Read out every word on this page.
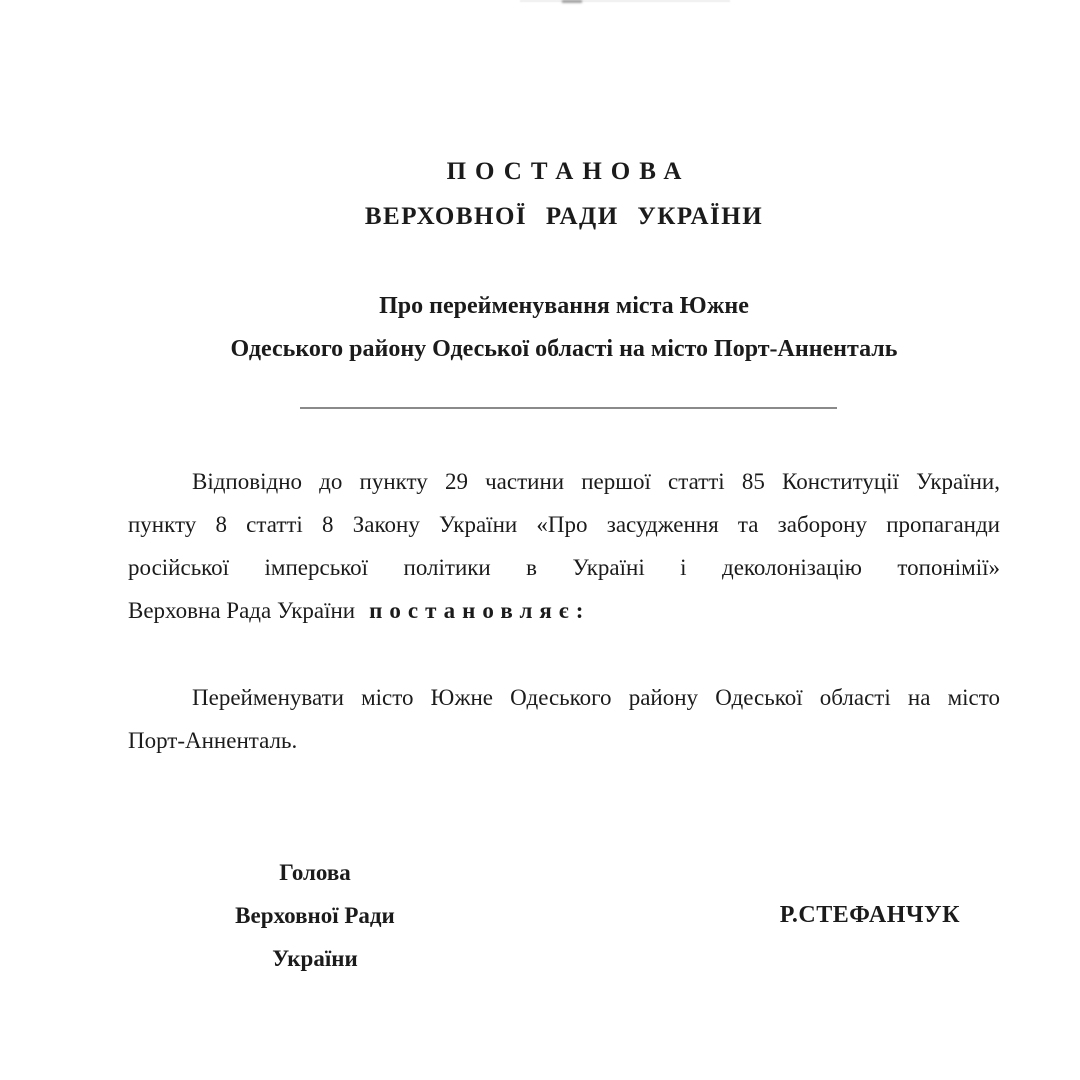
ПОСТАНОВА
ВЕРХОВНОЇ РАДИ УКРАЇНИ
Про перейменування міста Южне
Одеського району Одеської області на місто Порт-Анненталь
Відповідно до пункту 29 частини першої статті 85 Конституції України,
пункту 8 статті 8 Закону України «Про засудження та заборону пропаганди
російської імперської політики в Україні і деколонізацію топонімії»
Верховна Рада України постановляє:
Перейменувати місто Южне Одеського району Одеської області на місто
Порт-Анненталь.
Голова
Верховної Ради України
Р.СТЕФАНЧУК
